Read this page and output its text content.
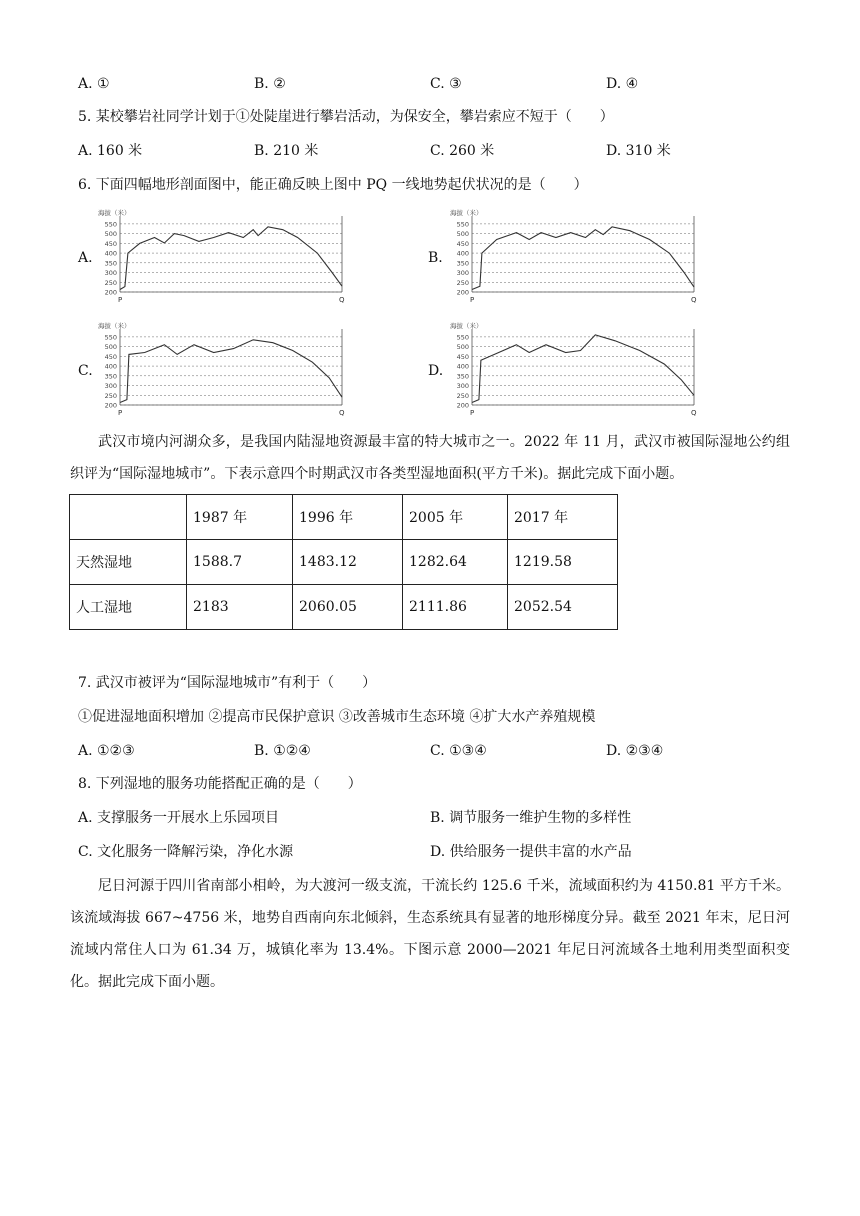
A. ①	B. ②	C. ③	D. ④
5. 某校攀岩社同学计划于①处陡崖进行攀岩活动，为保安全，攀岩索应不短于（　　）
A. 160 米	B. 210 米	C. 260 米	D. 310 米
6. 下面四幅地形剖面图中，能正确反映上图中 PQ 一线地势起伏状况的是（　　）
A.	B.
C.	D.
海拔（米）
550
500
450
400
350
300
250
200
P	Q
海拔（米）
550
500
450
400
350
300
250
200
P	Q
海拔（米）
550
500
450
400
350
300
250
200
P	Q
海拔（米）
550
500
450
400
350
300
250
200
P	Q
武汉市境内河湖众多，是我国内陆湿地资源最丰富的特大城市之一。2022 年 11 月，武汉市被国际湿地公约组织评为“国际湿地城市”。下表示意四个时期武汉市各类型湿地面积(平方千米)。据此完成下面小题。
	1987 年	1996 年	2005 年	2017 年
天然湿地	1588.7	1483.12	1282.64	1219.58
人工湿地	2183	2060.05	2111.86	2052.54
7. 武汉市被评为“国际湿地城市”有利于（　　）
①促进湿地面积增加 ②提高市民保护意识 ③改善城市生态环境 ④扩大水产养殖规模
A. ①②③	B. ①②④	C. ①③④	D. ②③④
8. 下列湿地的服务功能搭配正确的是（　　）
A. 支撑服务一开展水上乐园项目	B. 调节服务一维护生物的多样性
C. 文化服务一降解污染，净化水源	D. 供给服务一提供丰富的水产品
尼日河源于四川省南部小相岭，为大渡河一级支流，干流长约 125.6 千米，流域面积约为 4150.81 平方千米。该流域海拔 667~4756 米，地势自西南向东北倾斜，生态系统具有显著的地形梯度分异。截至 2021 年末，尼日河流域内常住人口为 61.34 万，城镇化率为 13.4%。下图示意 2000—2021 年尼日河流域各土地利用类型面积变化。据此完成下面小题。
